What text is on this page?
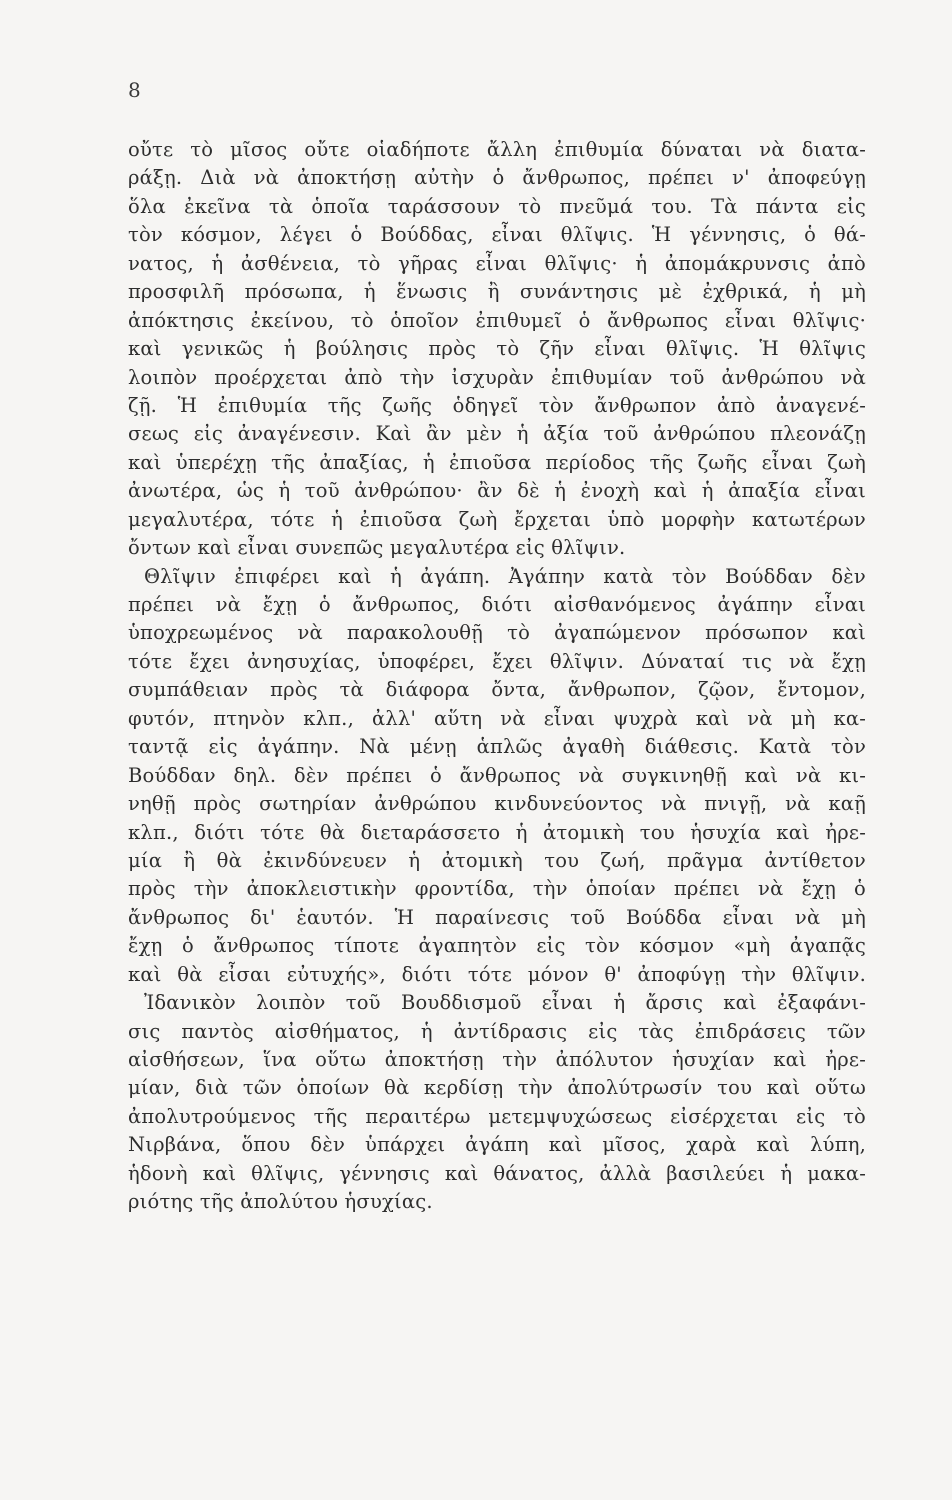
8
οὔτε τὸ μῖσος οὔτε οἱαδήποτε ἄλλη ἐπιθυμία δύναται νὰ διατα-
ράξῃ. Διὰ νὰ ἀποκτήσῃ αὐτὴν ὁ ἄνθρωπος, πρέπει ν' ἀποφεύγῃ
ὅλα ἐκεῖνα τὰ ὁποῖα ταράσσουν τὸ πνεῦμά του. Τὰ πάντα εἰς
τὸν κόσμον, λέγει ὁ Βούδδας, εἶναι θλῖψις. Ἡ γέννησις, ὁ θά-
νατος, ἡ ἀσθένεια, τὸ γῆρας εἶναι θλῖψις· ἡ ἀπομάκρυνσις ἀπὸ
προσφιλῆ πρόσωπα, ἡ ἕνωσις ἢ συνάντησις μὲ ἐχθρικά, ἡ μὴ
ἀπόκτησις ἐκείνου, τὸ ὁποῖον ἐπιθυμεῖ ὁ ἄνθρωπος εἶναι θλῖψις·
καὶ γενικῶς ἡ βούλησις πρὸς τὸ ζῆν εἶναι θλῖψις. Ἡ θλῖψις
λοιπὸν προέρχεται ἀπὸ τὴν ἰσχυρὰν ἐπιθυμίαν τοῦ ἀνθρώπου νὰ
ζῇ. Ἡ ἐπιθυμία τῆς ζωῆς ὁδηγεῖ τὸν ἄνθρωπον ἀπὸ ἀναγενέ-
σεως εἰς ἀναγένεσιν. Καὶ ἂν μὲν ἡ ἀξία τοῦ ἀνθρώπου πλεονάζῃ
καὶ ὑπερέχῃ τῆς ἀπαξίας, ἡ ἐπιοῦσα περίοδος τῆς ζωῆς εἶναι ζωὴ
ἀνωτέρα, ὡς ἡ τοῦ ἀνθρώπου· ἂν δὲ ἡ ἐνοχὴ καὶ ἡ ἀπαξία εἶναι
μεγαλυτέρα, τότε ἡ ἐπιοῦσα ζωὴ ἔρχεται ὑπὸ μορφὴν κατωτέρων
ὄντων καὶ εἶναι συνεπῶς μεγαλυτέρα εἰς θλῖψιν.
Θλῖψιν ἐπιφέρει καὶ ἡ ἀγάπη. Ἀγάπην κατὰ τὸν Βούδδαν δὲν
πρέπει νὰ ἔχῃ ὁ ἄνθρωπος, διότι αἰσθανόμενος ἀγάπην εἶναι
ὑποχρεωμένος νὰ παρακολουθῇ τὸ ἀγαπώμενον πρόσωπον καὶ
τότε ἔχει ἀνησυχίας, ὑποφέρει, ἔχει θλῖψιν. Δύναταί τις νὰ ἔχῃ
συμπάθειαν πρὸς τὰ διάφορα ὄντα, ἄνθρωπον, ζῷον, ἔντομον,
φυτόν, πτηνὸν κλπ., ἀλλ' αὕτη νὰ εἶναι ψυχρὰ καὶ νὰ μὴ κα-
ταντᾷ εἰς ἀγάπην. Νὰ μένῃ ἁπλῶς ἀγαθὴ διάθεσις. Κατὰ τὸν
Βούδδαν δηλ. δὲν πρέπει ὁ ἄνθρωπος νὰ συγκινηθῇ καὶ νὰ κι-
νηθῇ πρὸς σωτηρίαν ἀνθρώπου κινδυνεύοντος νὰ πνιγῇ, νὰ καῇ
κλπ., διότι τότε θὰ διεταράσσετο ἡ ἀτομικὴ του ἡσυχία καὶ ἠρε-
μία ἢ θὰ ἐκινδύνευεν ἡ ἀτομικὴ του ζωή, πρᾶγμα ἀντίθετον
πρὸς τὴν ἀποκλειστικὴν φροντίδα, τὴν ὁποίαν πρέπει νὰ ἔχῃ ὁ
ἄνθρωπος δι' ἑαυτόν. Ἡ παραίνεσις τοῦ Βούδδα εἶναι νὰ μὴ
ἔχῃ ὁ ἄνθρωπος τίποτε ἀγαπητὸν εἰς τὸν κόσμον «μὴ ἀγαπᾷς
καὶ θὰ εἶσαι εὐτυχής», διότι τότε μόνον θ' ἀποφύγῃ τὴν θλῖψιν.
Ἰδανικὸν λοιπὸν τοῦ Βουδδισμοῦ εἶναι ἡ ἄρσις καὶ ἐξαφάνι-
σις παντὸς αἰσθήματος, ἡ ἀντίδρασις εἰς τὰς ἐπιδράσεις τῶν
αἰσθήσεων, ἵνα οὕτω ἀποκτήσῃ τὴν ἀπόλυτον ἡσυχίαν καὶ ἠρε-
μίαν, διὰ τῶν ὁποίων θὰ κερδίσῃ τὴν ἀπολύτρωσίν του καὶ οὕτω
ἀπολυτρούμενος τῆς περαιτέρω μετεμψυχώσεως εἰσέρχεται εἰς τὸ
Νιρβάνα, ὅπου δὲν ὑπάρχει ἀγάπη καὶ μῖσος, χαρὰ καὶ λύπη,
ἡδονὴ καὶ θλῖψις, γέννησις καὶ θάνατος, ἀλλὰ βασιλεύει ἡ μακα-
ριότης τῆς ἀπολύτου ἡσυχίας.
